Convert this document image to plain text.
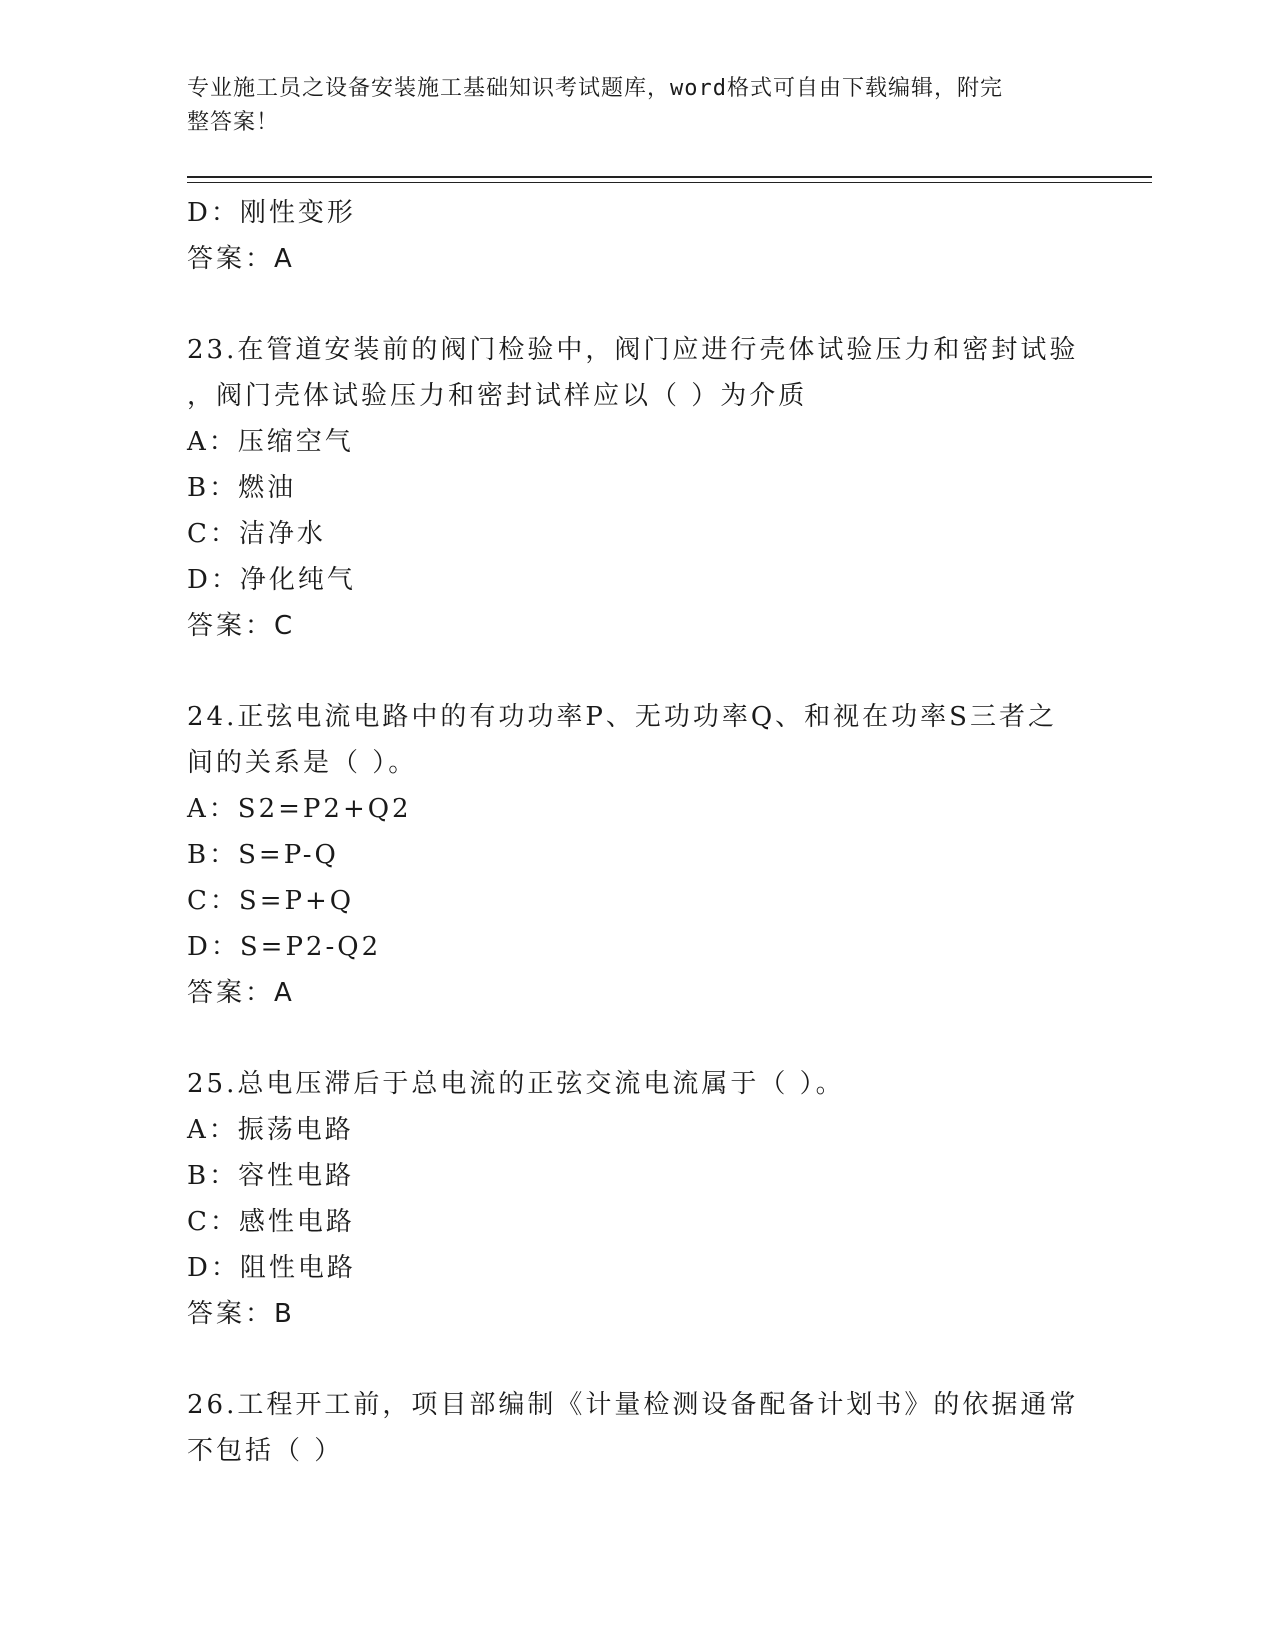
专业施工员之设备安装施工基础知识考试题库，word格式可自由下载编辑，附完
整答案！
D：刚性变形
答案：A
23.在管道安装前的阀门检验中，阀门应进行壳体试验压力和密封试验
，阀门壳体试验压力和密封试样应以（ ）为介质
A：压缩空气
B：燃油
C：洁净水
D：净化纯气
答案：C
24.正弦电流电路中的有功功率P、无功功率Q、和视在功率S三者之
间的关系是（ ）。
A：S2=P2+Q2
B：S=P-Q
C：S=P+Q
D：S=P2-Q2
答案：A
25.总电压滞后于总电流的正弦交流电流属于（ ）。
A：振荡电路
B：容性电路
C：感性电路
D：阻性电路
答案：B
26.工程开工前，项目部编制《计量检测设备配备计划书》的依据通常
不包括（ ）
